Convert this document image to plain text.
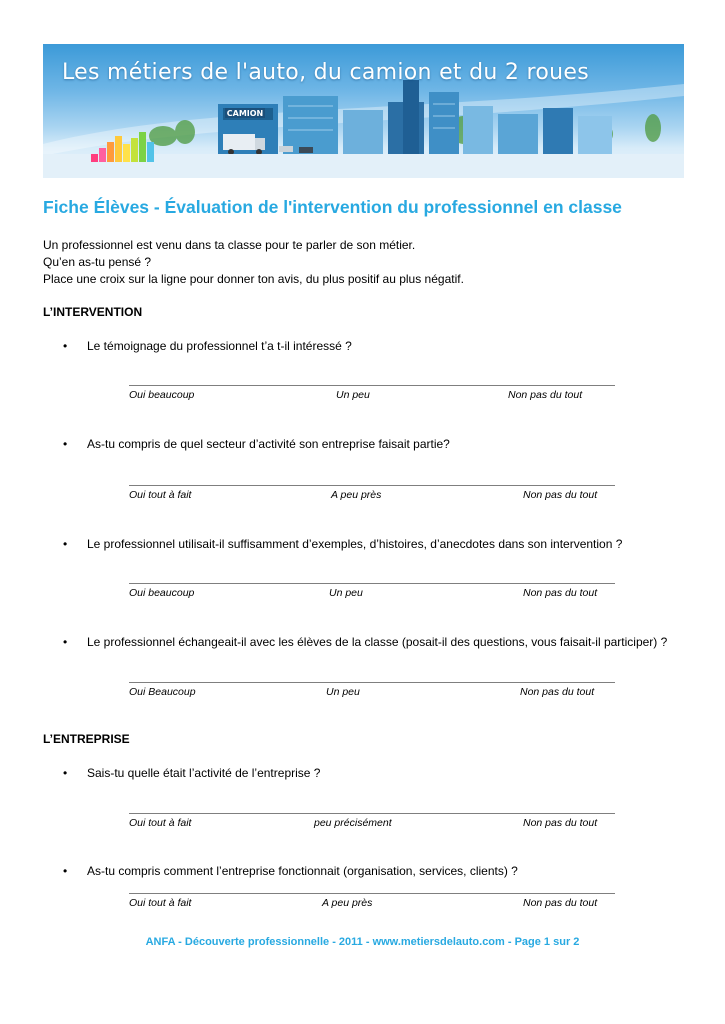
CAMION
Les métiers de l'auto, du camion et du 2 roues
Fiche Élèves - Évaluation de l'intervention du professionnel en classe
Un professionnel est venu dans ta classe pour te parler de son métier.
Qu’en as-tu pensé ?
Place une croix sur la ligne pour donner ton avis, du plus positif au plus négatif.
L’INTERVENTION
• Le témoignage du professionnel t’a t-il intéressé ?
Oui beaucoup	Un peu	Non pas du tout
• As-tu compris de quel secteur d’activité son entreprise faisait partie?
Oui tout à fait	A peu près	Non pas du tout
• Le professionnel utilisait-il suffisamment d’exemples, d’histoires, d’anecdotes dans son intervention ?
Oui beaucoup	Un peu	Non pas du tout
• Le professionnel échangeait-il avec les élèves de la classe (posait-il des questions, vous faisait-il participer) ?
Oui Beaucoup	Un peu	Non pas du tout
L’ENTREPRISE
• Sais-tu quelle était l’activité de l’entreprise ?
Oui tout à fait	peu précisément	Non pas du tout
• As-tu compris comment l’entreprise fonctionnait (organisation, services, clients) ?
Oui tout à fait	A peu près	Non pas du tout
ANFA - Découverte professionnelle - 2011 - www.metiersdelauto.com - Page 1 sur 2
